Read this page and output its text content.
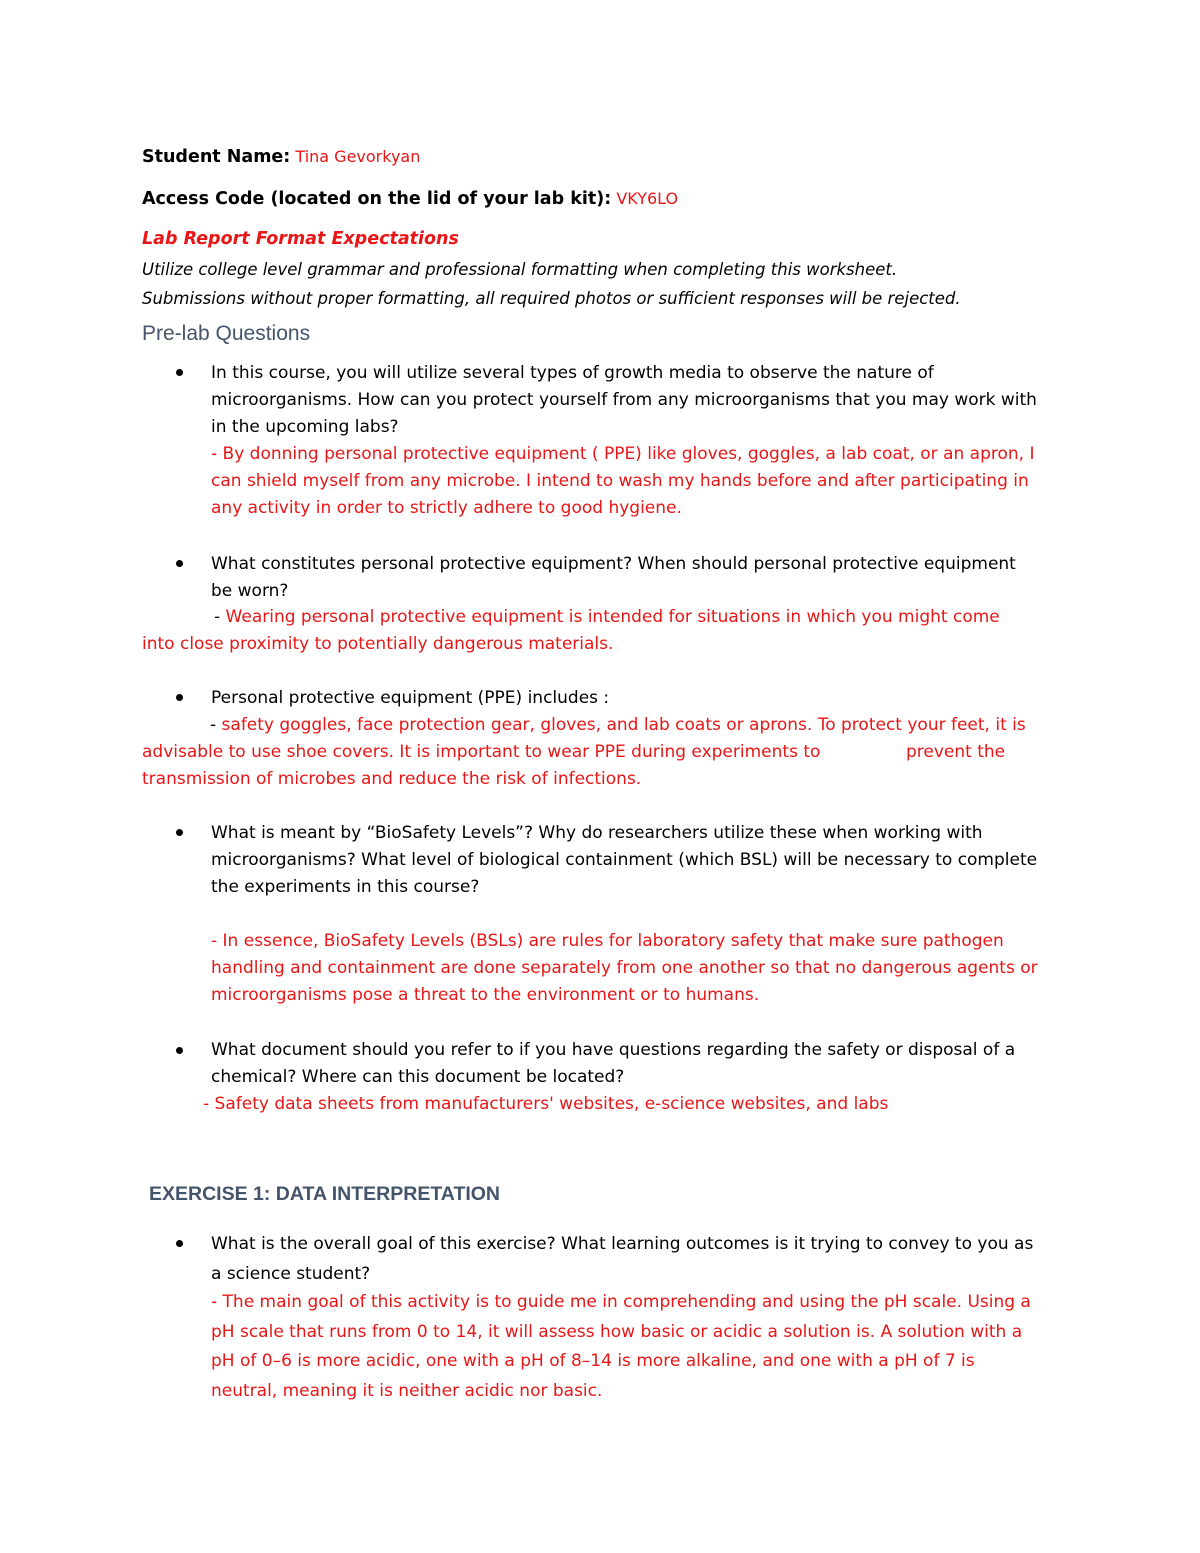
Student Name: Tina Gevorkyan
Access Code (located on the lid of your lab kit): VKY6LO
Lab Report Format Expectations
Utilize college level grammar and professional formatting when completing this worksheet.
Submissions without proper formatting, all required photos or sufficient responses will be rejected.
Pre-lab Questions
In this course, you will utilize several types of growth media to observe the nature of
microorganisms. How can you protect yourself from any microorganisms that you may work with
in the upcoming labs?
- By donning personal protective equipment ( PPE) like gloves, goggles, a lab coat, or an apron, I
can shield myself from any microbe. I intend to wash my hands before and after participating in
any activity in order to strictly adhere to good hygiene.
What constitutes personal protective equipment? When should personal protective equipment
be worn?
- Wearing personal protective equipment is intended for situations in which you might come
into close proximity to potentially dangerous materials.
Personal protective equipment (PPE) includes :
- safety goggles, face protection gear, gloves, and lab coats or aprons. To protect your feet, it is
advisable to use shoe covers. It is important to wear PPE during experiments to	prevent the
transmission of microbes and reduce the risk of infections.
What is meant by “BioSafety Levels”? Why do researchers utilize these when working with
microorganisms? What level of biological containment (which BSL) will be necessary to complete
the experiments in this course?
- In essence, BioSafety Levels (BSLs) are rules for laboratory safety that make sure pathogen
handling and containment are done separately from one another so that no dangerous agents or
microorganisms pose a threat to the environment or to humans.
What document should you refer to if you have questions regarding the safety or disposal of a
chemical? Where can this document be located?
- Safety data sheets from manufacturers' websites, e-science websites, and labs
EXERCISE 1: DATA INTERPRETATION
What is the overall goal of this exercise? What learning outcomes is it trying to convey to you as
a science student?
- The main goal of this activity is to guide me in comprehending and using the pH scale. Using a
pH scale that runs from 0 to 14, it will assess how basic or acidic a solution is. A solution with a
pH of 0–6 is more acidic, one with a pH of 8–14 is more alkaline, and one with a pH of 7 is
neutral, meaning it is neither acidic nor basic.
